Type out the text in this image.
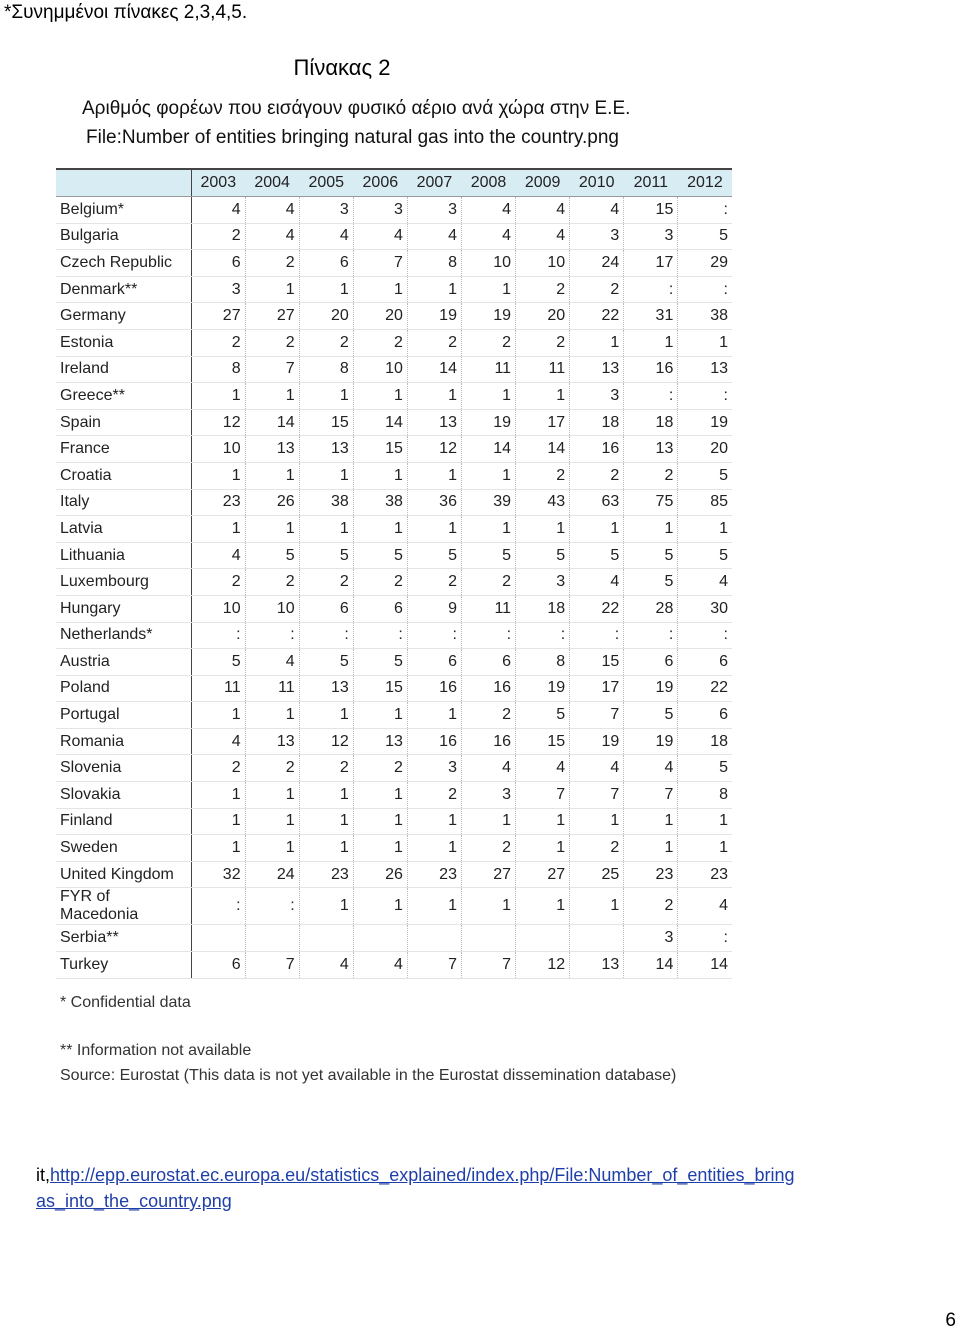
*Συνημμένοι πίνακες 2,3,4,5.
Πίνακας 2
Αριθμός φορέων που εισάγουν φυσικό αέριο ανά χώρα στην Ε.Ε.
File:Number of entities bringing natural gas into the country.png
	2003	2004	2005	2006	2007	2008	2009	2010	2011	2012
Belgium*	4	4	3	3	3	4	4	4	15	:
Bulgaria	2	4	4	4	4	4	4	3	3	5
Czech Republic	6	2	6	7	8	10	10	24	17	29
Denmark**	3	1	1	1	1	1	2	2	:	:
Germany	27	27	20	20	19	19	20	22	31	38
Estonia	2	2	2	2	2	2	2	1	1	1
Ireland	8	7	8	10	14	11	11	13	16	13
Greece**	1	1	1	1	1	1	1	3	:	:
Spain	12	14	15	14	13	19	17	18	18	19
France	10	13	13	15	12	14	14	16	13	20
Croatia	1	1	1	1	1	1	2	2	2	5
Italy	23	26	38	38	36	39	43	63	75	85
Latvia	1	1	1	1	1	1	1	1	1	1
Lithuania	4	5	5	5	5	5	5	5	5	5
Luxembourg	2	2	2	2	2	2	3	4	5	4
Hungary	10	10	6	6	9	11	18	22	28	30
Netherlands*	:	:	:	:	:	:	:	:	:	:
Austria	5	4	5	5	6	6	8	15	6	6
Poland	11	11	13	15	16	16	19	17	19	22
Portugal	1	1	1	1	1	2	5	7	5	6
Romania	4	13	12	13	16	16	15	19	19	18
Slovenia	2	2	2	2	3	4	4	4	4	5
Slovakia	1	1	1	1	2	3	7	7	7	8
Finland	1	1	1	1	1	1	1	1	1	1
Sweden	1	1	1	1	1	2	1	2	1	1
United Kingdom	32	24	23	26	23	27	27	25	23	23
FYR of Macedonia	:	:	1	1	1	1	1	1	2	4
Serbia**									3	:
Turkey	6	7	4	4	7	7	12	13	14	14
* Confidential data
** Information not available
Source: Eurostat (This data is not yet available in the Eurostat dissemination database)
it,http://epp.eurostat.ec.europa.eu/statistics_explained/index.php/File:Number_of_entities_bring
as_into_the_country.png
6
